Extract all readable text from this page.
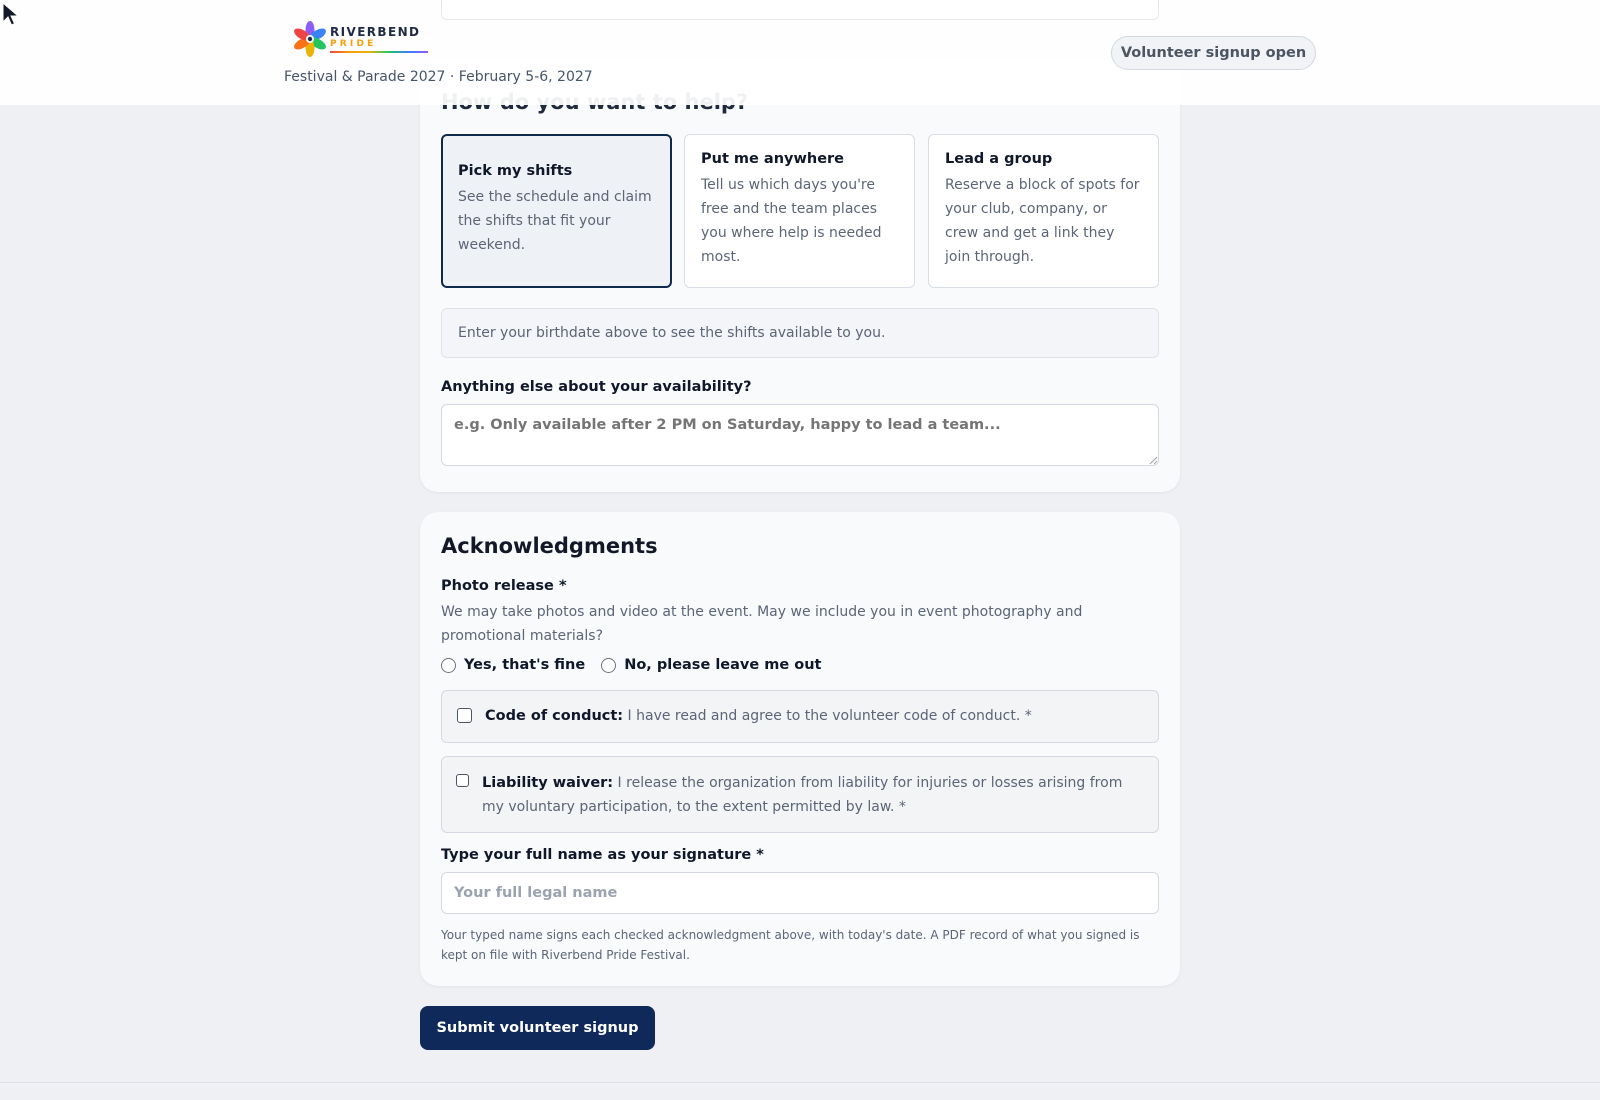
Pick my shifts
See the schedule and claim the shifts that fit your weekend.
Put me anywhere
Tell us which days you're free and the team places you where help is needed most.
Lead a group
Reserve a block of spots for your club, company, or crew and get a link they join through.
Enter your birthdate above to see the shifts available to you.
Anything else about your availability?
e.g. Only available after 2 PM on Saturday, happy to lead a team...
Acknowledgments
Photo release *
We may take photos and video at the event. May we include you in event photography and promotional materials?
Yes, that's fine	No, please leave me out
Code of conduct: I have read and agree to the volunteer code of conduct. *
Liability waiver: I release the organization from liability for injuries or losses arising from my voluntary participation, to the extent permitted by law. *
Type your full name as your signature *
Your full legal name
Your typed name signs each checked acknowledgment above, with today's date. A PDF record of what you signed is kept on file with Riverbend Pride Festival.
Submit volunteer signup
RIVERBEND
PRIDE
Festival & Parade 2027 · February 5-6, 2027
Volunteer signup open
